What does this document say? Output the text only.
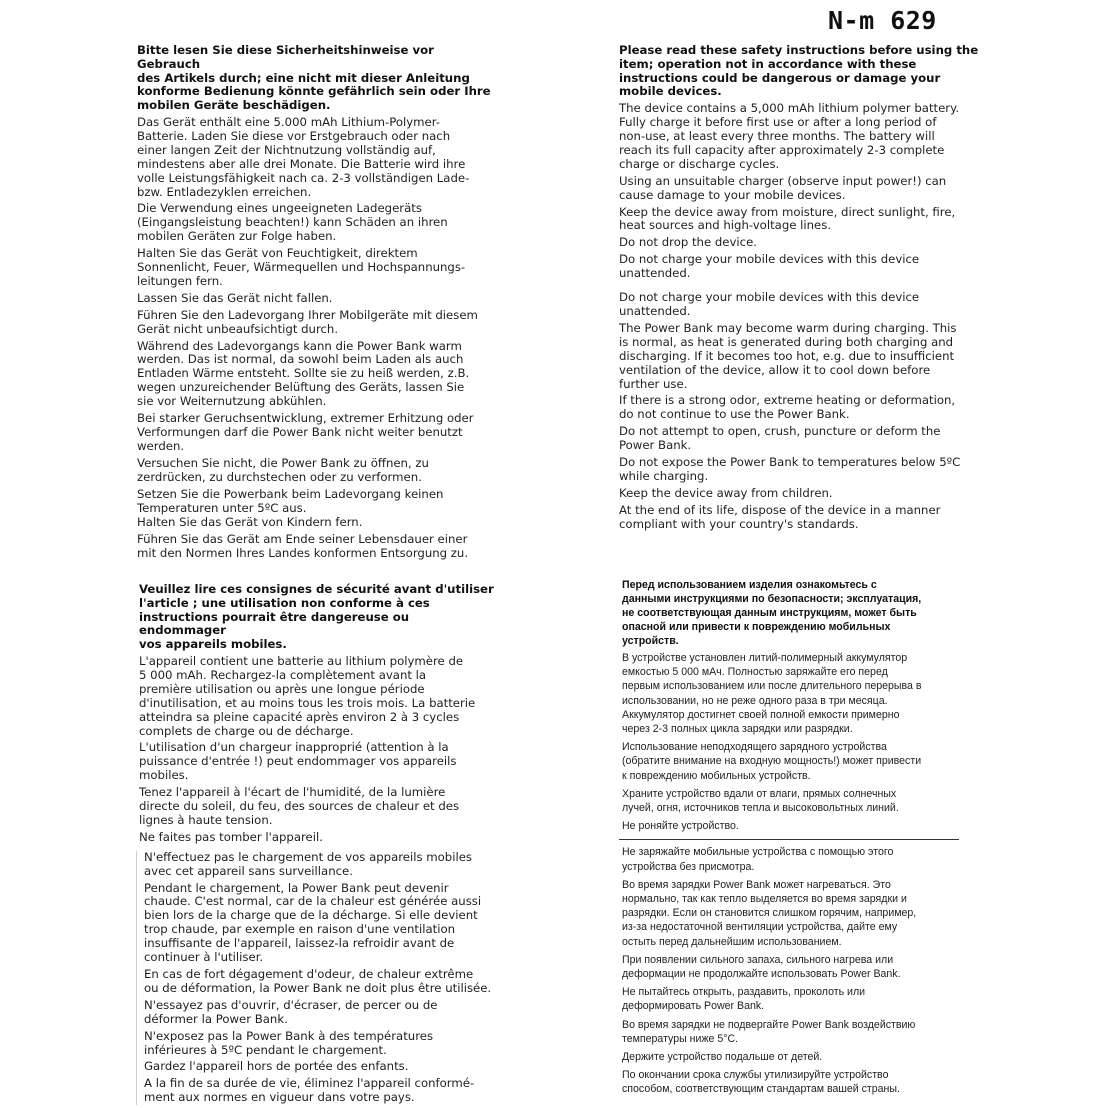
N-m 629
Bitte lesen Sie diese Sicherheitshinweise vor Gebrauch
des Artikels durch; eine nicht mit dieser Anleitung
konforme Bedienung könnte gefährlich sein oder Ihre
mobilen Geräte beschädigen.
Das Gerät enthält eine 5.000 mAh Lithium-Polymer-
Batterie. Laden Sie diese vor Erstgebrauch oder nach
einer langen Zeit der Nichtnutzung vollständig auf,
mindestens aber alle drei Monate. Die Batterie wird ihre
volle Leistungsfähigkeit nach ca. 2-3 vollständigen Lade-
bzw. Entladezyklen erreichen.
Die Verwendung eines ungeeigneten Ladegeräts
(Eingangsleistung beachten!) kann Schäden an ihren
mobilen Geräten zur Folge haben.
Halten Sie das Gerät von Feuchtigkeit, direktem
Sonnenlicht, Feuer, Wärmequellen und Hochspannungs-
leitungen fern.
Lassen Sie das Gerät nicht fallen.
Führen Sie den Ladevorgang Ihrer Mobilgeräte mit diesem
Gerät nicht unbeaufsichtigt durch.
Während des Ladevorgangs kann die Power Bank warm
werden. Das ist normal, da sowohl beim Laden als auch
Entladen Wärme entsteht. Sollte sie zu heiß werden, z.B.
wegen unzureichender Belüftung des Geräts, lassen Sie
sie vor Weiternutzung abkühlen.
Bei starker Geruchsentwicklung, extremer Erhitzung oder
Verformungen darf die Power Bank nicht weiter benutzt
werden.
Versuchen Sie nicht, die Power Bank zu öffnen, zu
zerdrücken, zu durchstechen oder zu verformen.
Setzen Sie die Powerbank beim Ladevorgang keinen
Temperaturen unter 5ºC aus.
Halten Sie das Gerät von Kindern fern.
Führen Sie das Gerät am Ende seiner Lebensdauer einer
mit den Normen Ihres Landes konformen Entsorgung zu.
Please read these safety instructions before using the
item; operation not in accordance with these
instructions could be dangerous or damage your
mobile devices.
The device contains a 5,000 mAh lithium polymer battery.
Fully charge it before first use or after a long period of
non-use, at least every three months. The battery will
reach its full capacity after approximately 2-3 complete
charge or discharge cycles.
Using an unsuitable charger (observe input power!) can
cause damage to your mobile devices.
Keep the device away from moisture, direct sunlight, fire,
heat sources and high-voltage lines.
Do not drop the device.
Do not charge your mobile devices with this device
unattended.
Do not charge your mobile devices with this device
unattended.
The Power Bank may become warm during charging. This
is normal, as heat is generated during both charging and
discharging. If it becomes too hot, e.g. due to insufficient
ventilation of the device, allow it to cool down before
further use.
If there is a strong odor, extreme heating or deformation,
do not continue to use the Power Bank.
Do not attempt to open, crush, puncture or deform the
Power Bank.
Do not expose the Power Bank to temperatures below 5ºC
while charging.
Keep the device away from children.
At the end of its life, dispose of the device in a manner
compliant with your country's standards.
Veuillez lire ces consignes de sécurité avant d'utiliser
l'article ; une utilisation non conforme à ces
instructions pourrait être dangereuse ou endommager
vos appareils mobiles.
L'appareil contient une batterie au lithium polymère de
5 000 mAh. Rechargez-la complètement avant la
première utilisation ou après une longue période
d'inutilisation, et au moins tous les trois mois. La batterie
atteindra sa pleine capacité après environ 2 à 3 cycles
complets de charge ou de décharge.
L'utilisation d'un chargeur inapproprié (attention à la
puissance d'entrée !) peut endommager vos appareils
mobiles.
Tenez l'appareil à l'écart de l'humidité, de la lumière
directe du soleil, du feu, des sources de chaleur et des
lignes à haute tension.
Ne faites pas tomber l'appareil.
N'effectuez pas le chargement de vos appareils mobiles
avec cet appareil sans surveillance.
Pendant le chargement, la Power Bank peut devenir
chaude. C'est normal, car de la chaleur est générée aussi
bien lors de la charge que de la décharge. Si elle devient
trop chaude, par exemple en raison d'une ventilation
insuffisante de l'appareil, laissez-la refroidir avant de
continuer à l'utiliser.
En cas de fort dégagement d'odeur, de chaleur extrême
ou de déformation, la Power Bank ne doit plus être utilisée.
N'essayez pas d'ouvrir, d'écraser, de percer ou de
déformer la Power Bank.
N'exposez pas la Power Bank à des températures
inférieures à 5ºC pendant le chargement.
Gardez l'appareil hors de portée des enfants.
A la fin de sa durée de vie, éliminez l'appareil conformé-
ment aux normes en vigueur dans votre pays.
Перед использованием изделия ознакомьтесь с
данными инструкциями по безопасности; эксплуатация,
не соответствующая данным инструкциям, может быть
опасной или привести к повреждению мобильных
устройств.
В устройстве установлен литий-полимерный аккумулятор
емкостью 5 000 мАч. Полностью заряжайте его перед
первым использованием или после длительного перерыва в
использовании, но не реже одного раза в три месяца.
Аккумулятор достигнет своей полной емкости примерно
через 2-3 полных цикла зарядки или разрядки.
Использование неподходящего зарядного устройства
(обратите внимание на входную мощность!) может привести
к повреждению мобильных устройств.
Храните устройство вдали от влаги, прямых солнечных
лучей, огня, источников тепла и высоковольтных линий.
Не роняйте устройство.
Не заряжайте мобильные устройства с помощью этого
устройства без присмотра.
Во время зарядки Power Bank может нагреваться. Это
нормально, так как тепло выделяется во время зарядки и
разрядки. Если он становится слишком горячим, например,
из-за недостаточной вентиляции устройства, дайте ему
остыть перед дальнейшим использованием.
При появлении сильного запаха, сильного нагрева или
деформации не продолжайте использовать Power Bank.
Не пытайтесь открыть, раздавить, проколоть или
деформировать Power Bank.
Во время зарядки не подвергайте Power Bank воздействию
температуры ниже 5°C.
Держите устройство подальше от детей.
По окончании срока службы утилизируйте устройство
способом, соответствующим стандартам вашей страны.
